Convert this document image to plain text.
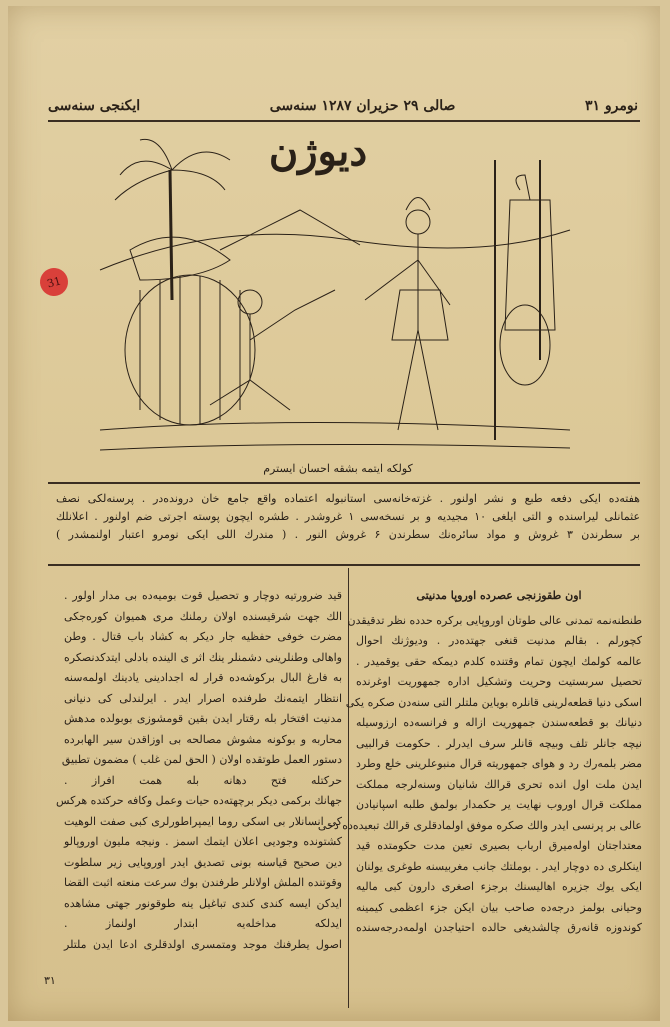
نومرو ۳۱
صالى ۲۹ حزيران ۱۲۸۷ سنه‌سى
ايكنجى سنه‌سى
ديوژن
31
كولكه ايتمه بشقه احسان ايسترم

هفته‌ده ايكى دفعه طبع و نشر اولنور . غزته‌خانه‌سى استانبوله اعتماده واقع جامع خان درونده‌در . پرسنه‌لكى نصف

عثمانلى ليراسنده و التى ايلغى ۱۰ مجيديه و بر نسخه‌سى ۱ غروشدر . طشره ايچون پوسته اجرتى ضم اولنور . اعلانلك

بر سطرندن ۳ غروش و مواد سائره‌نك سطرندن ۶ غروش النور . ( مندرك اللى ايكى نومرو اعتبار اولنمشدر )

اون طقوزنجى عصرده اوروپا مدنيتى

طنطنه‌نمه تمدنى عالى طوتان اوروپا‌يى بركره حدده نظر تدقيقدن

كچورلم . بقالم مدنيت قنغى جهتده‌در . وديوژنك احوال

عالمه كولمك ايچون تمام وقتنده كلدم ديمكه حقى يوقميدر .

تحصيل سربستيت وحريت وتشكيل اداره جمهوريت اوغرنده

اسكى دنيا قطعه‌لرينى قانلره بوياين ملتلر التى سنه‌دن صكره يكى

دنيانك بو قطعه‌سندن جمهوريت ازاله و فرانسه‌ده ارزوسيله

نيچه جانلر تلف وبيچه قانلر سرف ايدرلر . حكومت قرالبيى

مضر بلمه‌رك رد و هواى جمهوريته قرال منبوعلرينى خلع وطرد

ايدن ملت اول انده تحرى قرالك شانيان وسنه‌لرجه مملكت

مملكت قرال اوروب نهايت ير حكمدار بولمق طلبه اسپانيادن

عالى بر پرنسى ايدر والك صكره موفق اولمادقلرى قرالك تبعيده‌ده دخى

معتداجتان اوله‌ميرق ارباب بصيرى تعين مدت حكومتده قيد

اينكلرى ده دوچار ايدر . بوملتك جانب مغربيسنه طوغرى يولنان

ايكى يوك جزيره اهاليسنك برجزء اصغرى دارون كبى ماليه

وحيانى بولمز درجه‌ده صاحب بيان ايكن جزء اعظمى كيمينه

كوندوزه قانه‌رق چالشديغى حالده احتياجدن اولمه‌درجه‌سنده

قيد ضرورتيه دوچار و تحصيل قوت بوميه‌ده بى مدار اولور .

الك جهت شرقيسنده اولان رملنك مرى هميوان كوره‌جكى

مضرت خوفى حفظيه جار ديكر به كشاد باب قتال . وطن

واهالى وطنلرينى دشمنلر ينك اثر ى الينده بادلى ايتدكدنصكره

به فارغ البال بركوشه‌ده قرار له اجدادينى يادينك اولمه‌سنه

انتظار ايتمه‌نك طرفنده اصرار ايدر . ايرلندلى كى دنيانى

مدنيت افتخار بله رقتار ايدن بقين قومشوزى بوبولده مدهش

محاربه و بوكونه مشوش مصالحه بى اوزاقدن سير الهابرده

دستور العمل طوتقده اولان ( الحق لمن غلب ) مضمون تطبيق

حركتله فتح دهانه بله همت افراز .

جهانك بركمى ديكر برچهته‌ده حيات وعمل وكافه حركتده هركس

كى انسانلار بى اسكى روما ايمپراطورلرى كبى صفت الوهيت

كشتونده وجوديى اعلان ايتمك اسمز . ونيجه مليون اوروپالو

دين صحيح قياسنه بونى تصديق ايدر اوروپايى زير سلطوت

وقوتنده الملش اولانلر طرفندن بوك سرعت منعته اثبت القضا

ايدكن ايسه كندى كندى تباغيل ينه طوقونور جهتى مشاهده

ايدلكه مداخله‌يه ابتدار اولنماز .

اصول يطرفنك موجد ومتمسرى اولدقلرى ادعا ايدن ملتلر

۳۱
